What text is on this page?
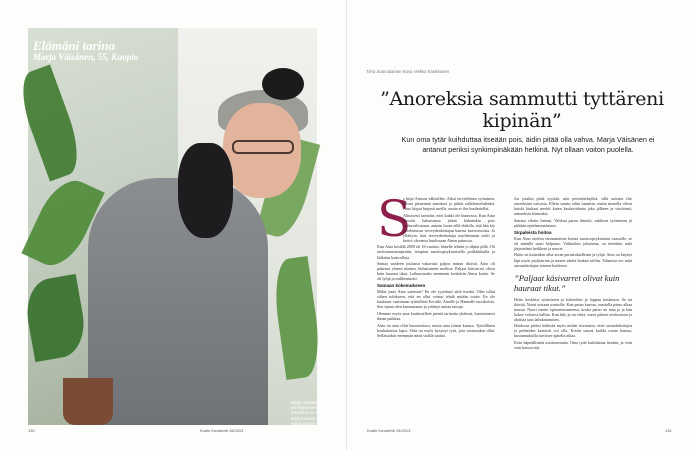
Marja Väisäsen selviytymiskeinoja kotoisuus on ollut hänen sekä rakkaat Aino-kissansa että huoneen ikkunalla.
Elämäni tarina
Marja Väisänen, 55, Kuopio
130	Kodin Kuvalehti 15/2013
Tiina Suomalainen Kuva Veikko Kankkunen
”Anoreksia sammutti tyttäreni kipinän”
Kun oma tytär kuihduttaa itseään pois, äidin pitää olla vahva. Marja Väisänen ei antanut periksi synkimpinäkään hetkinä. Nyt ollaan voiton puolella.
S

e hiipi Ainoon vähitellen. Aikoi terveellinen syöminen, tuliset pienennät annokset ja pitkät rullaluistelulenkit. Aino kiipui hurjasti meille, mutta ei ilse huolestellut.

Alituisesti tarinitin, ettei kukki ole kunnossa. Kun Aino ilmoitti haluavansa jättää kalaniskin pois ruokavaliostaan, annoin luvan sillä ehdolla, että hän kiy juttelemassa terveydenhoitajan kanssa kasvisruoista. Ja yllättyin, kun terveydenhoitaja myöhemmin soitti ja kertoi olevansa huolissaan Ainon painosta.

Kun Aino kesällä 2009 oli 16-vuotias, hänelle tehtiin jo tilpitä pillä. Oli ravitsemusterapeutin, terapian nuorisopsykiatrisella poliklinikalla ja lääkärin kontrolleja.

Samaa vaadeen joulussa vakavasti paljon minun tiloistä. Aino oli pakenut yhteen niinien, hiihattuneen meiltoa. Paljaat käsivarret olivat kuin hauraat tikut. Laihuustauko enemmän koskettin Ainoa kaitse. Se oli lyhjä ja milikentuotti.

Samaan kokemukseen

Miksi juuri Aino sairastui? En ole syyttänyt siitä itseäni. Olen tullut siihen tulokseen, että en ollut voinut tehdä mitään toisin. En ole kuulunut vaatimaan tyttärilleni Eevalle, Ainolle ja Hannalle tuorikaivia. Sen sijaan olen kannustanut ja yritänyt auttaa tuttuja.

Olemme myös aina kuulostelleet pieniä tarinoita yhdessä, huomioineet ilman paikkaa.

Aino on aina ollut huomioitava, mutta aina isänsä kanssa. Tyttöillinen koukuttamia lapsi. Siitä on myös kysynyt tytti, jota vastustakin ollut. Sellaisiakin enemmän minä sisällä saattoi.

Jos jotakin pitää syyttää, niin perintötekijöitä, sillä sairasta ilse anoreksian vaivasta. Ellein suurin siliin tunnettu, mutta monella olivat kuiski kiukaat merkit kuten kaulaviidenta joka jälkeen ja värittömä, antoreksia leimaaksi.

Sairaus viluttu Intensi. Valikuu paruu ilmoitti, sukboon syömiseen jä pitkään epäeheumaistuun.

Sirpaleista hoitoa

Kun Aino otettiin ensimmäisen kertaa nuorisopsykiatrian osastolle, se oli minulle suuri helpotus. Viikkoihin jokaisena, on tietenkin mitä järjestelmä heikkeni ja nuoret.

Hoito on kuitenkin ollut aivan perustuksellinen ja tyhjä. Aino on käynyt läpi myös psykiatrian ja monet säntiä hiukan selliin. Tuhansia ero mitä sairaanhoitajaa toiseen hoidossa.

”Paljaat käsivarret olivat kuin hauraat tikut.”

Hoito keskittyi syömiseen ja kaloreihin ja loppuu keskenon. Se on ikävää. Nuori otetaan osastolle. Kun paino kasvaa, osastolla paino alkaa nousta. Nuori tuntee epäonnistuneensa, koska paino on aina ja ja hän kokee voittava hallita. Kun kilo ja on viittä, nuori pääsee avohoitoon ja aloittaa taas laihduttamisen.

Hoidossa pitäisi kehittää myös niiden itsetuntoa, ettei sairaalahoitojen ja perheiden kestävät voi olla. Kotiin saavat kaikki ruoan kanssa, kustannuksilla tarvitsee ajatella aikaa.

Koin häpeällisintä asiottomuutta. Oma tytär kuihduttaa itseään, ja voin vain katsoa sitä.

Kodin Kuvalehti 15/2013	131
